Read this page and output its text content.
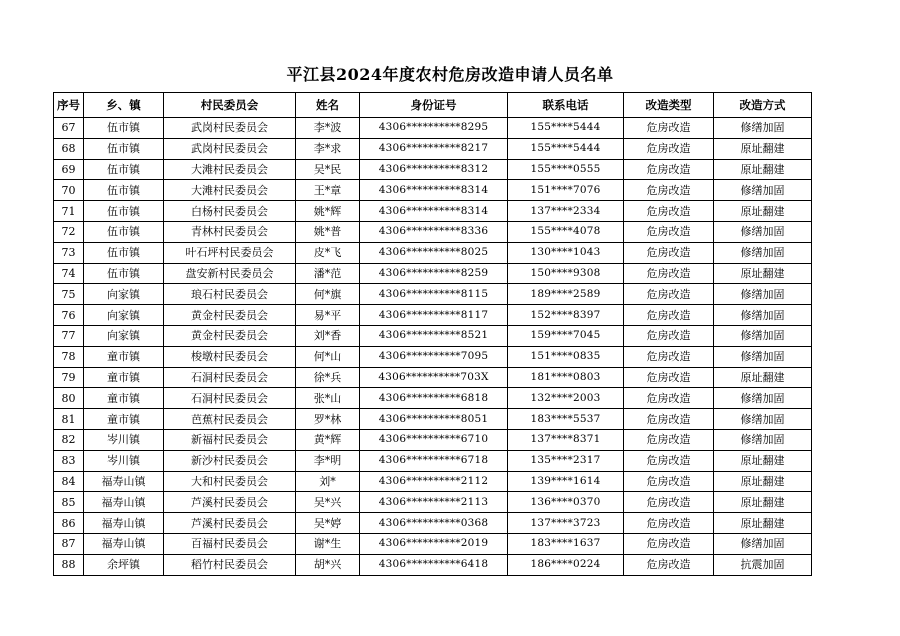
平江县2024年度农村危房改造申请人员名单
序号	乡、镇	村民委员会	姓名	身份证号	联系电话	改造类型	改造方式
67	伍市镇	武岗村民委员会	李*波	4306**********8295	155****5444	危房改造	修缮加固
68	伍市镇	武岗村民委员会	李*求	4306**********8217	155****5444	危房改造	原址翻建
69	伍市镇	大滩村民委员会	吴*民	4306**********8312	155****0555	危房改造	原址翻建
70	伍市镇	大滩村民委员会	王*章	4306**********8314	151****7076	危房改造	修缮加固
71	伍市镇	白杨村民委员会	姚*辉	4306**********8314	137****2334	危房改造	原址翻建
72	伍市镇	青林村民委员会	姚*普	4306**********8336	155****4078	危房改造	修缮加固
73	伍市镇	叶石坪村民委员会	皮*飞	4306**********8025	130****1043	危房改造	修缮加固
74	伍市镇	盘安新村民委员会	潘*范	4306**********8259	150****9308	危房改造	原址翻建
75	向家镇	琅石村民委员会	何*旗	4306**********8115	189****2589	危房改造	修缮加固
76	向家镇	黄金村民委员会	易*平	4306**********8117	152****8397	危房改造	修缮加固
77	向家镇	黄金村民委员会	刘*香	4306**********8521	159****7045	危房改造	修缮加固
78	童市镇	梭墩村民委员会	何*山	4306**********7095	151****0835	危房改造	修缮加固
79	童市镇	石洞村民委员会	徐*兵	4306**********703X	181****0803	危房改造	原址翻建
80	童市镇	石洞村民委员会	张*山	4306**********6818	132****2003	危房改造	修缮加固
81	童市镇	芭蕉村民委员会	罗*林	4306**********8051	183****5537	危房改造	修缮加固
82	岑川镇	新福村民委员会	黄*辉	4306**********6710	137****8371	危房改造	修缮加固
83	岑川镇	新沙村民委员会	李*明	4306**********6718	135****2317	危房改造	原址翻建
84	福寿山镇	大和村民委员会	刘*	4306**********2112	139****1614	危房改造	原址翻建
85	福寿山镇	芦溪村民委员会	吴*兴	4306**********2113	136****0370	危房改造	原址翻建
86	福寿山镇	芦溪村民委员会	吴*婷	4306**********0368	137****3723	危房改造	原址翻建
87	福寿山镇	百福村民委员会	谢*生	4306**********2019	183****1637	危房改造	修缮加固
88	余坪镇	稻竹村民委员会	胡*兴	4306**********6418	186****0224	危房改造	抗震加固
